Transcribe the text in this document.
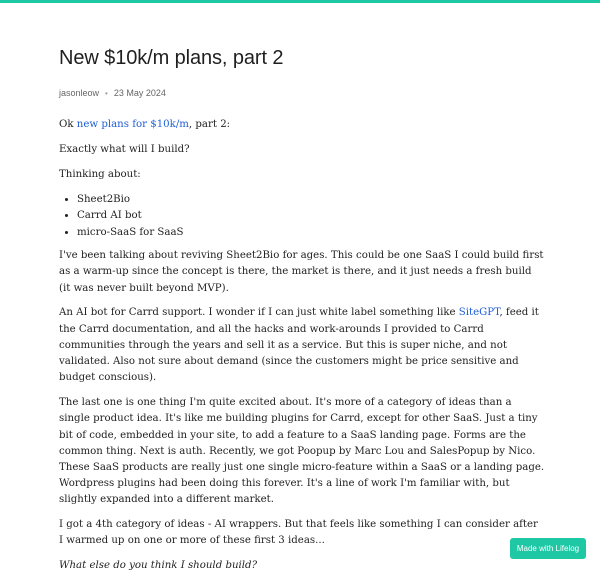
New $10k/m plans, part 2
jasonleow • 23 May 2024

Ok new plans for $10k/m, part 2:

Exactly what will I build?

Thinking about:

• Sheet2Bio
• Carrd AI bot
• micro-SaaS for SaaS

I've been talking about reviving Sheet2Bio for ages. This could be one SaaS I could build first as a warm-up since the concept is there, the market is there, and it just needs a fresh build (it was never built beyond MVP).

An AI bot for Carrd support. I wonder if I can just white label something like SiteGPT, feed it the Carrd documentation, and all the hacks and work-arounds I provided to Carrd communities through the years and sell it as a service. But this is super niche, and not validated. Also not sure about demand (since the customers might be price sensitive and budget conscious).

The last one is one thing I'm quite excited about. It's more of a category of ideas than a single product idea. It's like me building plugins for Carrd, except for other SaaS. Just a tiny bit of code, embedded in your site, to add a feature to a SaaS landing page. Forms are the common thing. Next is auth. Recently, we got Poopup by Marc Lou and SalesPopup by Nico. These SaaS products are really just one single micro-feature within a SaaS or a landing page. Wordpress plugins had been doing this forever. It's a line of work I'm familiar with, but slightly expanded into a different market.

I got a 4th category of ideas - AI wrappers. But that feels like something I can consider after I warmed up on one or more of these first 3 ideas...

What else do you think I should build?

Made with Lifelog
